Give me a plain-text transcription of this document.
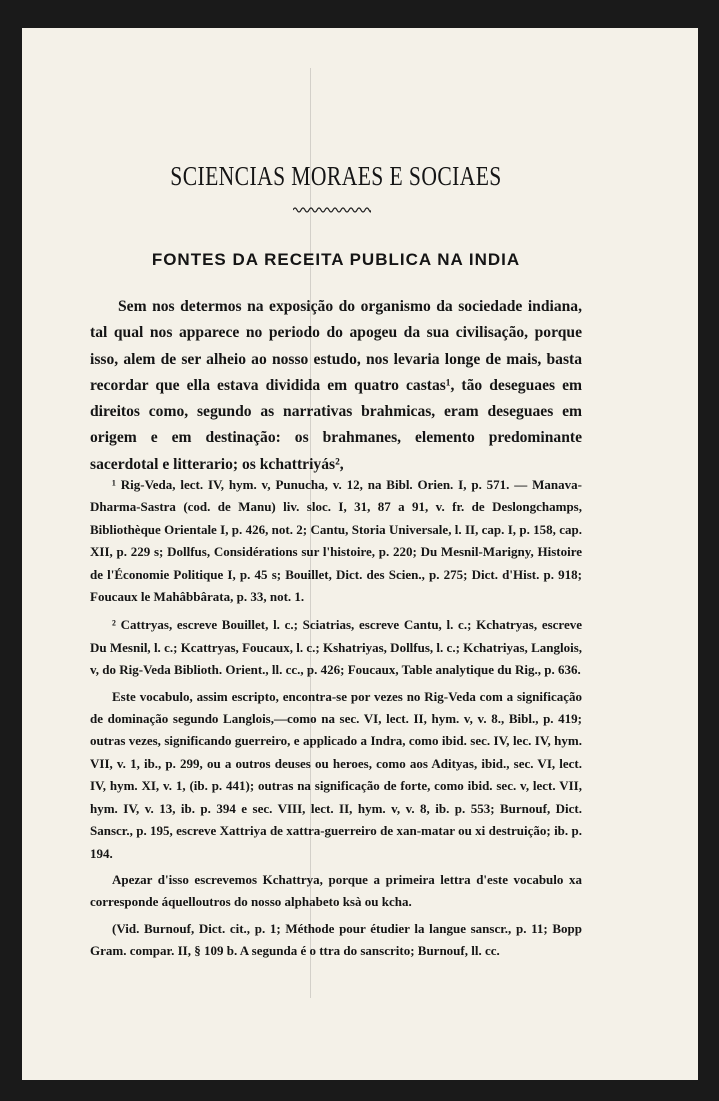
SCIENCIAS MORAES E SOCIAES
FONTES DA RECEITA PUBLICA NA INDIA

Sem nos determos na exposição do organismo da sociedade indiana, tal qual nos apparece no periodo do apogeu da sua civilisação, porque isso, alem de ser alheio ao nosso estudo, nos levaria longe de mais, basta recordar que ella estava dividida em quatro castas¹, tão deseguaes em direitos como, segundo as narrativas brahmicas, eram deseguaes em origem e em destinação: os brahmanes, elemento predominante sacerdotal e litterario; os kchattriyás²,

¹ Rig-Veda, lect. IV, hym. v, Punucha, v. 12, na Bibl. Orien. I, p. 571. — Manava-Dharma-Sastra (cod. de Manu) liv. sloc. I, 31, 87 a 91, v. fr. de Deslongchamps, Bibliothèque Orientale I, p. 426, not. 2; Cantu, Storia Universale, l. II, cap. I, p. 158, cap. XII, p. 229 s; Dollfus, Considérations sur l'histoire, p. 220; Du Mesnil-Marigny, Histoire de l'Économie Politique I, p. 45 s; Bouillet, Dict. des Scien., p. 275; Dict. d'Hist. p. 918; Foucaux le Mahâbbârata, p. 33, not. 1.

² Cattryas, escreve Bouillet, l. c.; Sciatrias, escreve Cantu, l. c.; Kchatryas, escreve Du Mesnil, l. c.; Kcattryas, Foucaux, l. c.; Kshatriyas, Dollfus, l. c.; Kchatriyas, Langlois, v, do Rig-Veda Biblioth. Orient., ll. cc., p. 426; Foucaux, Table analytique du Rig., p. 636.

Este vocabulo, assim escripto, encontra-se por vezes no Rig-Veda com a significação de dominação segundo Langlois,—como na sec. VI, lect. II, hym. v, v. 8., Bibl., p. 419; outras vezes, significando guerreiro, e applicado a Indra, como ibid. sec. IV, lec. IV, hym. VII, v. 1, ib., p. 299, ou a outros deuses ou heroes, como aos Adityas, ibid., sec. VI, lect. IV, hym. XI, v. 1, (ib. p. 441); outras na significação de forte, como ibid. sec. v, lect. VII, hym. IV, v. 13, ib. p. 394 e sec. VIII, lect. II, hym. v, v. 8, ib. p. 553; Burnouf, Dict. Sanscr., p. 195, escreve Xattriya de xattra-guerreiro de xan-matar ou xi destruição; ib. p. 194.

Apezar d'isso escrevemos Kchattrya, porque a primeira lettra d'este vocabulo xa corresponde áquelloutros do nosso alphabeto ksà ou kcha.

(Vid. Burnouf, Dict. cit., p. 1; Méthode pour étudier la langue sanscr., p. 11; Bopp Gram. compar. II, § 109 b. A segunda é o ttra do sanscrito; Burnouf, ll. cc.
